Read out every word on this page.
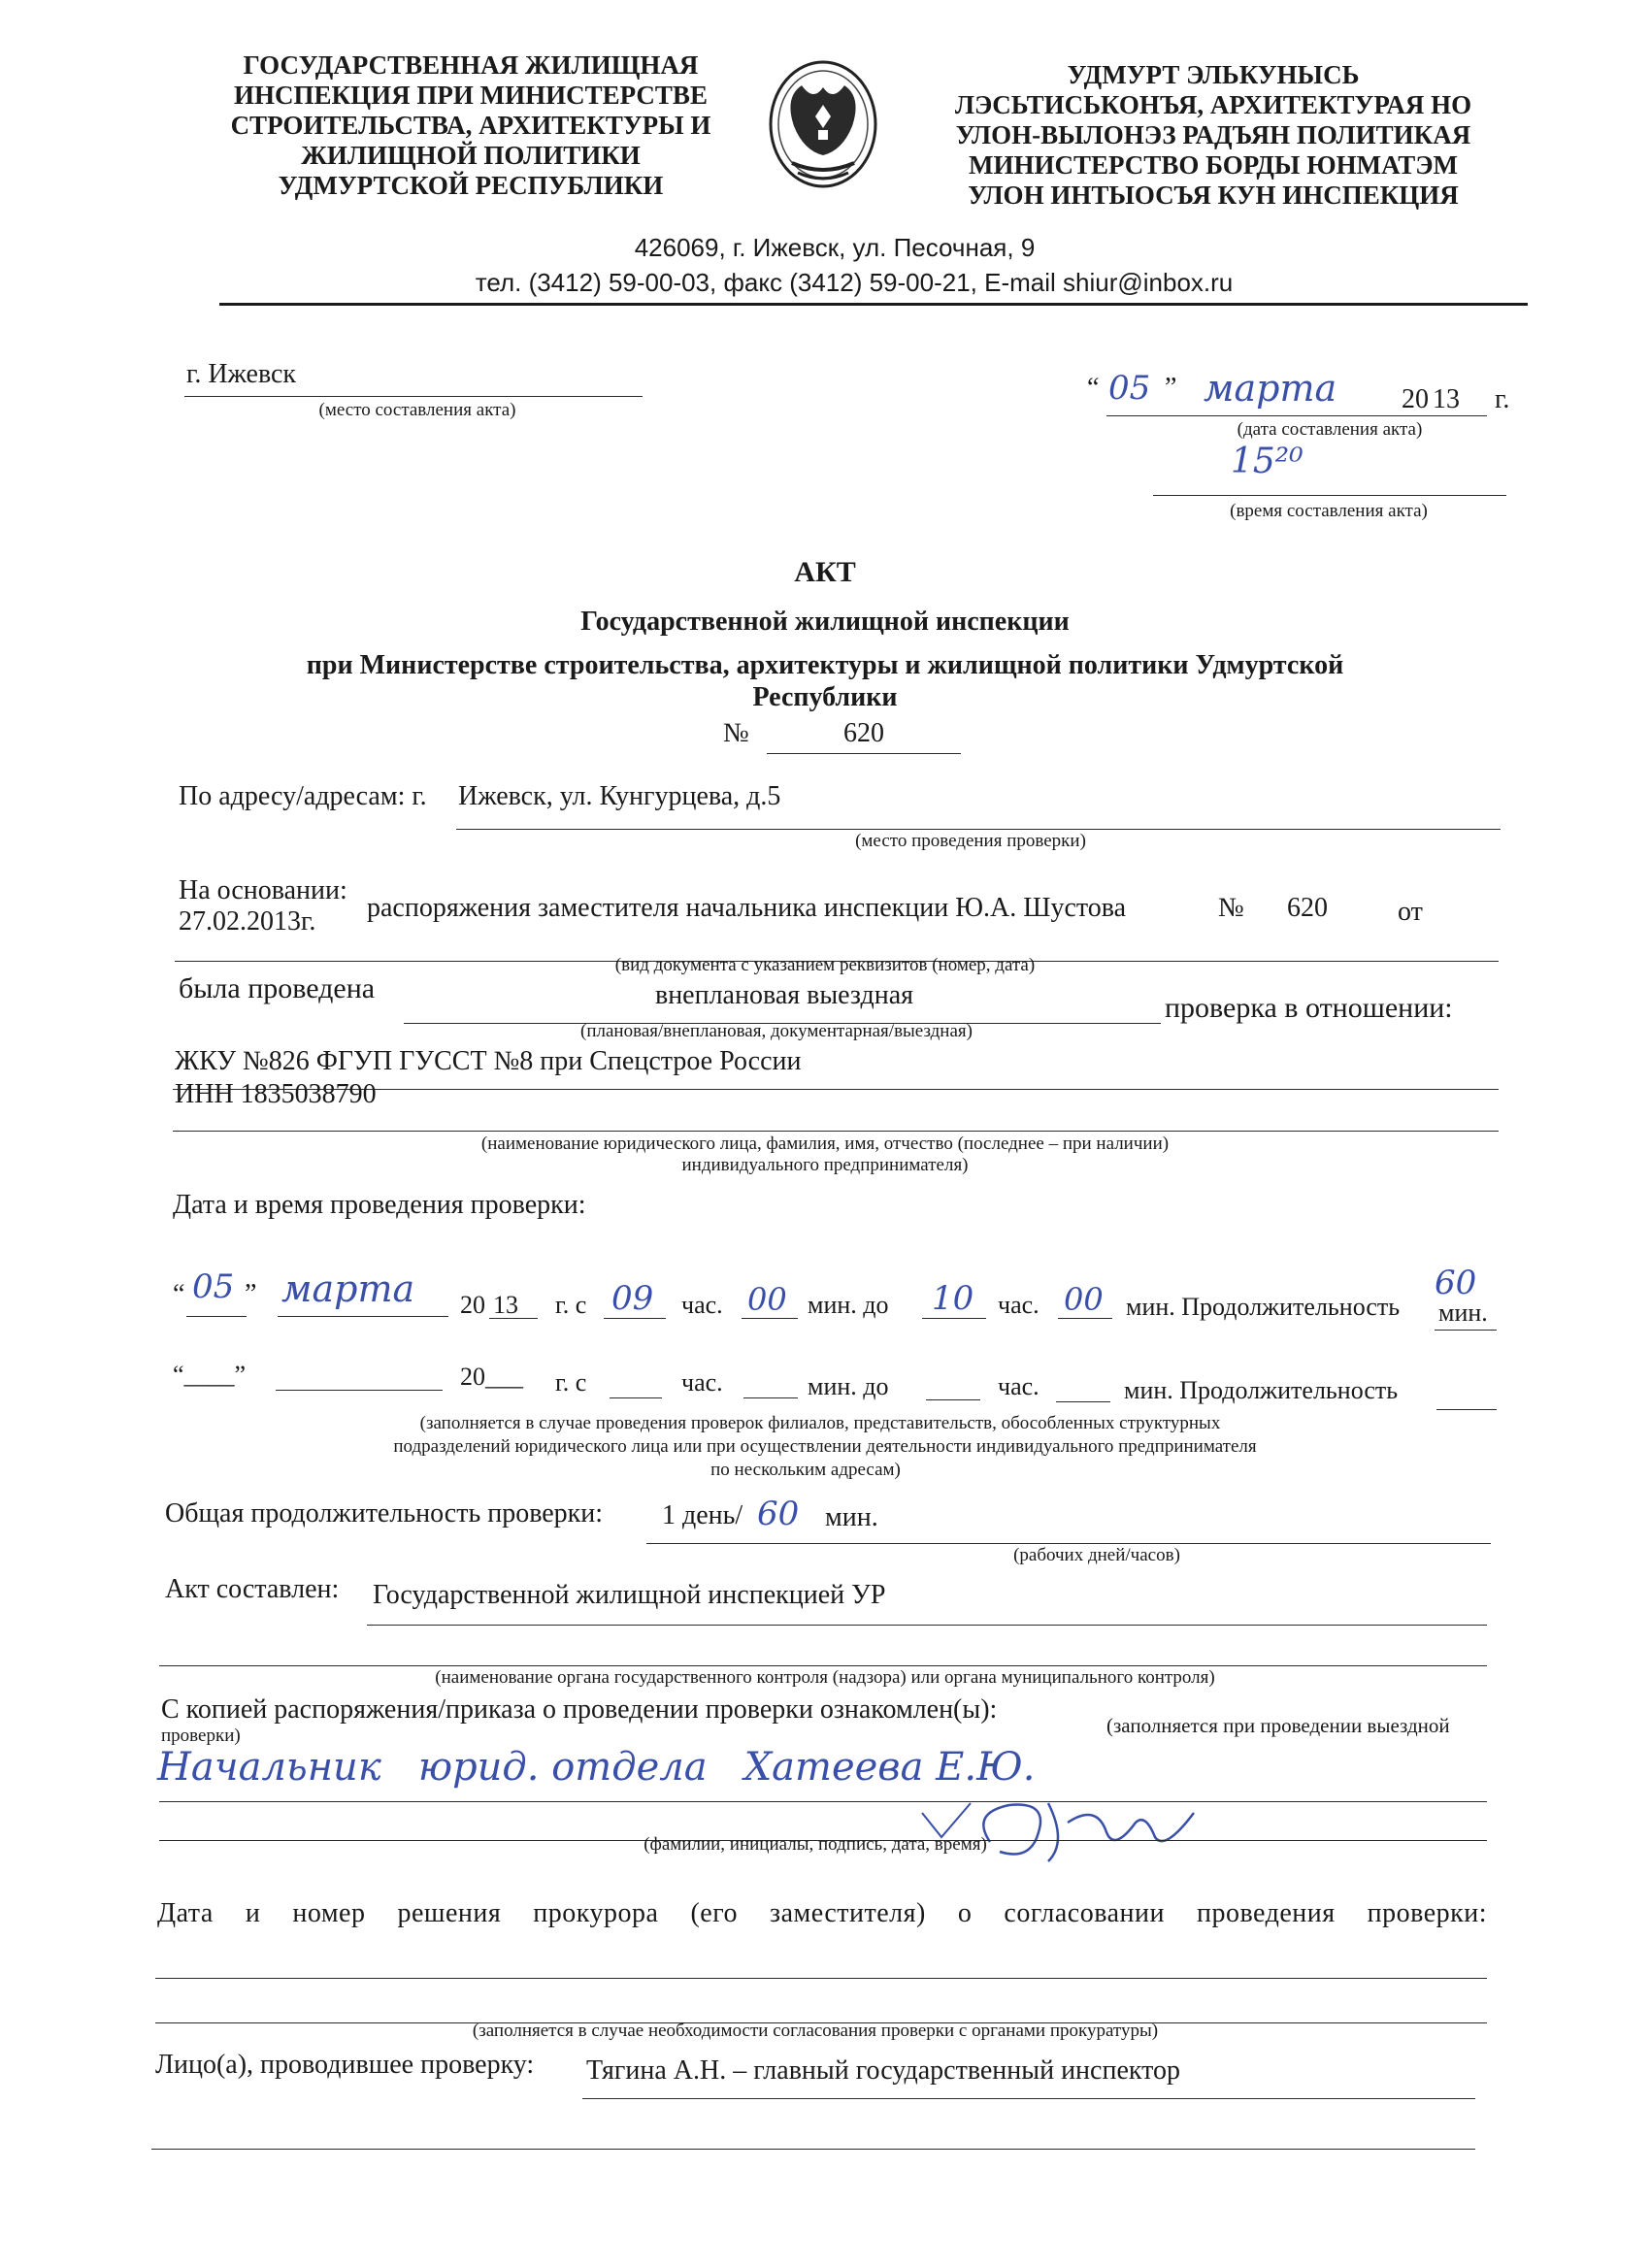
ГОСУДАРСТВЕННАЯ ЖИЛИЩНАЯ
ИНСПЕКЦИЯ ПРИ МИНИСТЕРСТВЕ
СТРОИТЕЛЬСТВА, АРХИТЕКТУРЫ И
ЖИЛИЩНОЙ ПОЛИТИКИ
УДМУРТСКОЙ РЕСПУБЛИКИ
УДМУРТ ЭЛЬКУНЫСЬ
ЛЭСЬТИСЬКОНЪЯ, АРХИТЕКТУРАЯ НО
УЛОН-ВЫЛОНЭЗ РАДЪЯН ПОЛИТИКАЯ
МИНИСТЕРСТВО БОРДЫ ЮНМАТЭМ
УЛОН ИНТЫОСЪЯ КУН ИНСПЕКЦИЯ
426069, г. Ижевск, ул. Песочная, 9
тел. (3412) 59-00-03, факс (3412) 59-00-21, E-mail shiur@inbox.ru
г. Ижевск
(место составления акта)
“ 05 ” марта 20 13 г.
(дата составления акта)
15²⁰
(время составления акта)
АКТ
Государственной жилищной инспекции
при Министерстве строительства, архитектуры и жилищной политики Удмуртской
Республики
№	620
По адресу/адресам: г. Ижевск, ул. Кунгурцева, д.5
(место проведения проверки)
На основании:
распоряжения заместителя начальника инспекции Ю.А. Шустова	№ 620	от
27.02.2013г.
(вид документа с указанием реквизитов (номер, дата)
была проведена	внеплановая выездная	проверка в отношении:
(плановая/внеплановая, документарная/выездная)
ЖКУ №826 ФГУП ГУССТ №8 при Спецстрое России
ИНН 1835038790
(наименование юридического лица, фамилия, имя, отчество (последнее – при наличии)
индивидуального предпринимателя)
Дата и время проведения проверки:
“ 05 ” марта 20 13 г. с 09 час. 00 мин. до 10 час. 00 мин. Продолжительность
60
мин.
“____”	20___ г. с	час.	мин. до	час.	мин. Продолжительность
(заполняется в случае проведения проверок филиалов, представительств, обособленных структурных
подразделений юридического лица или при осуществлении деятельности индивидуального предпринимателя
по нескольким адресам)
Общая продолжительность проверки: 1 день/ 60 мин.
(рабочих дней/часов)
Акт составлен: Государственной жилищной инспекцией УР
(наименование органа государственного контроля (надзора) или органа муниципального контроля)
С копией распоряжения/приказа о проведении проверки ознакомлен(ы):
(заполняется при проведении выездной
проверки)
Начальник   юрид. отдела   Хатеева Е.Ю.
(фамилии, инициалы, подпись, дата, время)
Дата и номер решения прокурора (его заместителя) о согласовании проведения проверки:
(заполняется в случае необходимости согласования проверки с органами прокуратуры)
Лицо(а), проводившее проверку: Тягина А.Н. – главный государственный инспектор
